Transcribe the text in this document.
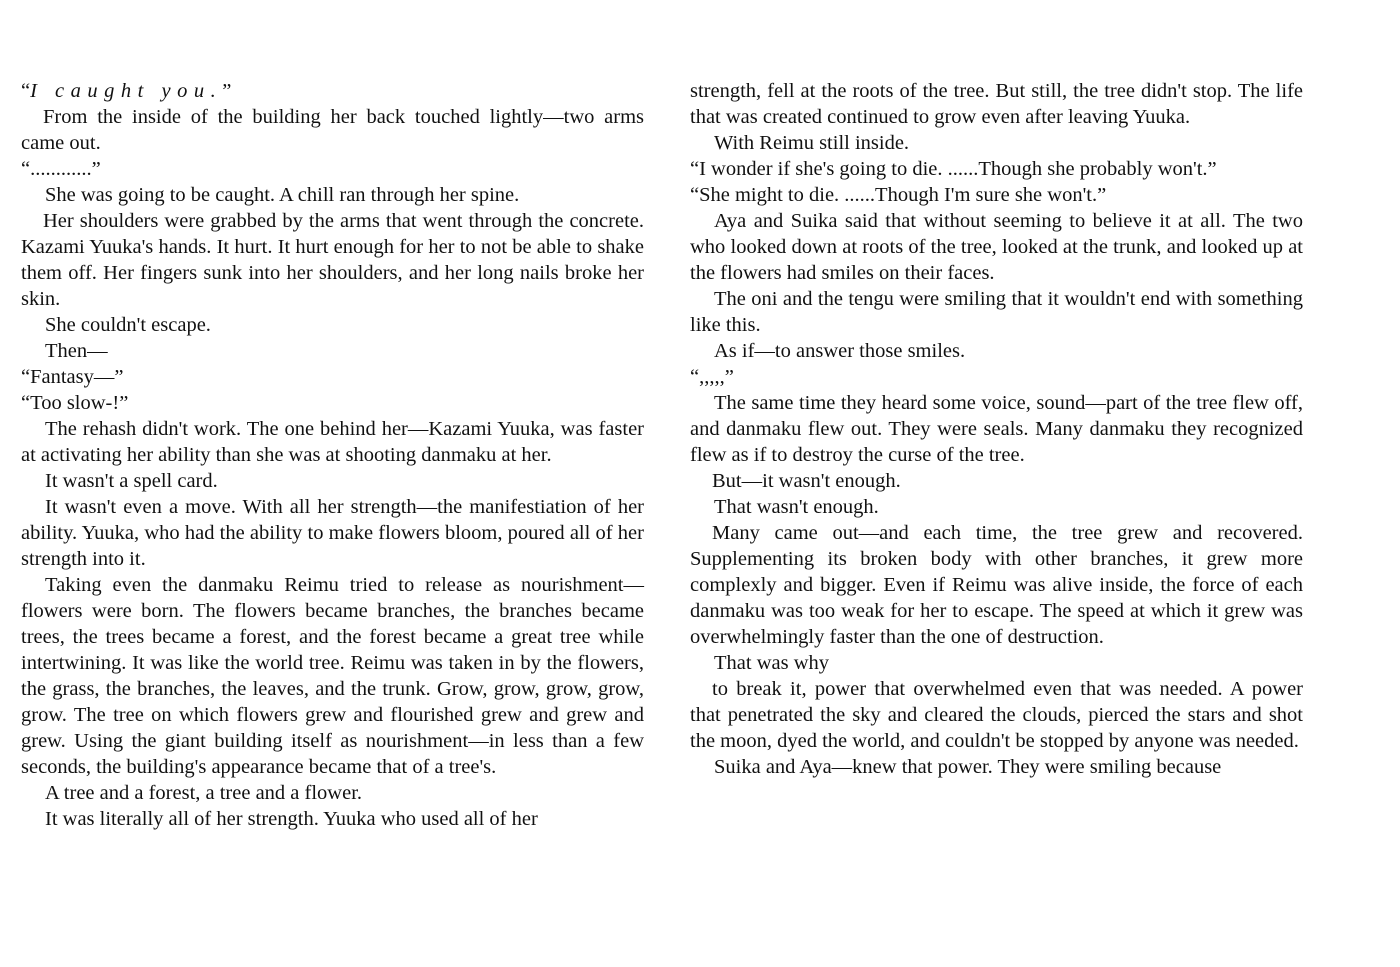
“I caught you.”

From the inside of the building her back touched lightly—two arms came out.

“............”

She was going to be caught. A chill ran through her spine.

Her shoulders were grabbed by the arms that went through the concrete. Kazami Yuuka's hands. It hurt. It hurt enough for her to not be able to shake them off. Her fingers sunk into her shoulders, and her long nails broke her skin.

She couldn't escape.

Then—

“Fantasy—”

“Too slow-!”

The rehash didn't work. The one behind her—Kazami Yuuka, was faster at activating her ability than she was at shooting danmaku at her.

It wasn't a spell card.

It wasn't even a move. With all her strength—the manifestiation of her ability. Yuuka, who had the ability to make flowers bloom, poured all of her strength into it.

Taking even the danmaku Reimu tried to release as nourishment—flowers were born. The flowers became branches, the branches became trees, the trees became a forest, and the forest became a great tree while intertwining. It was like the world tree. Reimu was taken in by the flowers, the grass, the branches, the leaves, and the trunk. Grow, grow, grow, grow, grow. The tree on which flowers grew and flourished grew and grew and grew. Using the giant building itself as nourishment—in less than a few seconds, the building's appearance became that of a tree's.

A tree and a forest, a tree and a flower.

It was literally all of her strength. Yuuka who used all of her

strength, fell at the roots of the tree. But still, the tree didn't stop. The life that was created continued to grow even after leaving Yuuka.

With Reimu still inside.

“I wonder if she's going to die. ......Though she probably won't.”

“She might to die. ......Though I'm sure she won't.”

Aya and Suika said that without seeming to believe it at all. The two who looked down at roots of the tree, looked at the trunk, and looked up at the flowers had smiles on their faces.

The oni and the tengu were smiling that it wouldn't end with something like this.

As if—to answer those smiles.

“,,,,,”

The same time they heard some voice, sound—part of the tree flew off, and danmaku flew out. They were seals. Many danmaku they recognized flew as if to destroy the curse of the tree.

But—it wasn't enough.

That wasn't enough.

Many came out—and each time, the tree grew and recovered. Supplementing its broken body with other branches, it grew more complexly and bigger. Even if Reimu was alive inside, the force of each danmaku was too weak for her to escape. The speed at which it grew was overwhelmingly faster than the one of destruction.

That was why

to break it, power that overwhelmed even that was needed. A power that penetrated the sky and cleared the clouds, pierced the stars and shot the moon, dyed the world, and couldn't be stopped by anyone was needed.

Suika and Aya—knew that power. They were smiling because
